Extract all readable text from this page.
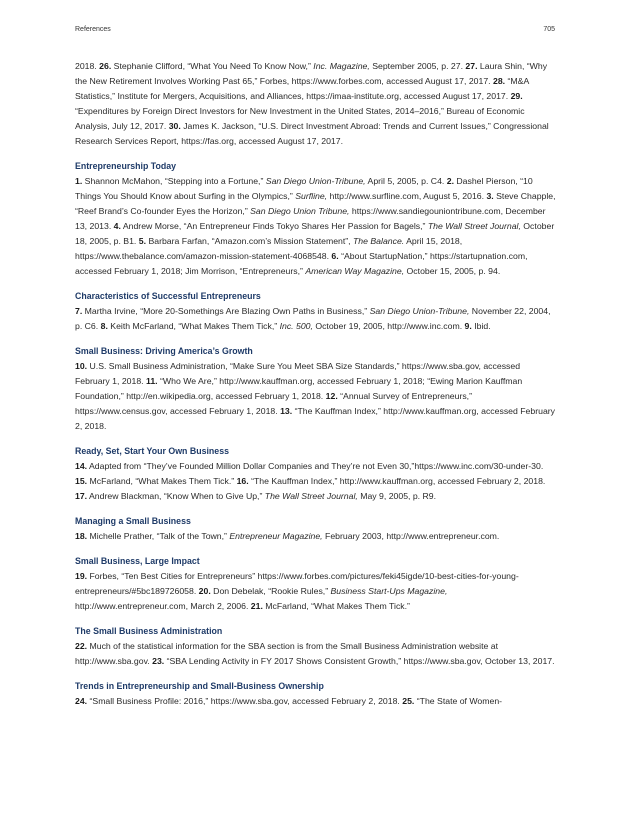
References	705

2018. 26. Stephanie Clifford, “What You Need To Know Now,” Inc. Magazine, September 2005, p. 27. 27. Laura Shin, “Why the New Retirement Involves Working Past 65,” Forbes, https://www.forbes.com, accessed August 17, 2017. 28. “M&A Statistics,” Institute for Mergers, Acquisitions, and Alliances, https://imaa-institute.org, accessed August 17, 2017. 29. “Expenditures by Foreign Direct Investors for New Investment in the United States, 2014–2016,” Bureau of Economic Analysis, July 12, 2017. 30. James K. Jackson, “U.S. Direct Investment Abroad: Trends and Current Issues,” Congressional Research Services Report, https://fas.org, accessed August 17, 2017.

Entrepreneurship Today

1. Shannon McMahon, “Stepping into a Fortune,” San Diego Union-Tribune, April 5, 2005, p. C4. 2. Dashel Pierson, “10 Things You Should Know about Surfing in the Olympics,” Surfline, http://www.surfline.com, August 5, 2016. 3. Steve Chapple, “Reef Brand’s Co-founder Eyes the Horizon,” San Diego Union Tribune, https://www.sandiegouniontribune.com, December 13, 2013. 4. Andrew Morse, “An Entrepreneur Finds Tokyo Shares Her Passion for Bagels,” The Wall Street Journal, October 18, 2005, p. B1. 5. Barbara Farfan, “Amazon.com’s Mission Statement”, The Balance. April 15, 2018, https://www.thebalance.com/amazon-mission-statement-4068548. 6. “About StartupNation,” https://startupnation.com, accessed February 1, 2018; Jim Morrison, “Entrepreneurs,” American Way Magazine, October 15, 2005, p. 94.

Characteristics of Successful Entrepreneurs

7. Martha Irvine, “More 20-Somethings Are Blazing Own Paths in Business,” San Diego Union-Tribune, November 22, 2004, p. C6. 8. Keith McFarland, “What Makes Them Tick,” Inc. 500, October 19, 2005, http://www.inc.com. 9. Ibid.

Small Business: Driving America’s Growth

10. U.S. Small Business Administration, “Make Sure You Meet SBA Size Standards,” https://www.sba.gov, accessed February 1, 2018. 11. “Who We Are,” http://www.kauffman.org, accessed February 1, 2018; “Ewing Marion Kauffman Foundation,” http://en.wikipedia.org, accessed February 1, 2018. 12. “Annual Survey of Entrepreneurs,” https://www.census.gov, accessed February 1, 2018. 13. “The Kauffman Index,” http://www.kauffman.org, accessed February 2, 2018.

Ready, Set, Start Your Own Business

14. Adapted from “They’ve Founded Million Dollar Companies and They’re not Even 30,”https://www.inc.com/30-under-30. 15. McFarland, “What Makes Them Tick.” 16. “The Kauffman Index,” http://www.kauffman.org, accessed February 2, 2018. 17. Andrew Blackman, “Know When to Give Up,” The Wall Street Journal, May 9, 2005, p. R9.

Managing a Small Business

18. Michelle Prather, “Talk of the Town,” Entrepreneur Magazine, February 2003, http://www.entrepreneur.com.

Small Business, Large Impact

19. Forbes, “Ten Best Cities for Entrepreneurs” https://www.forbes.com/pictures/feki45igde/10-best-cities-for-young-entrepreneurs/#5bc189726058. 20. Don Debelak, “Rookie Rules,” Business Start-Ups Magazine, http://www.entrepreneur.com, March 2, 2006. 21. McFarland, “What Makes Them Tick.”

The Small Business Administration

22. Much of the statistical information for the SBA section is from the Small Business Administration website at http://www.sba.gov. 23. “SBA Lending Activity in FY 2017 Shows Consistent Growth,” https://www.sba.gov, October 13, 2017.

Trends in Entrepreneurship and Small-Business Ownership

24. “Small Business Profile: 2016,” https://www.sba.gov, accessed February 2, 2018. 25. “The State of Women-
